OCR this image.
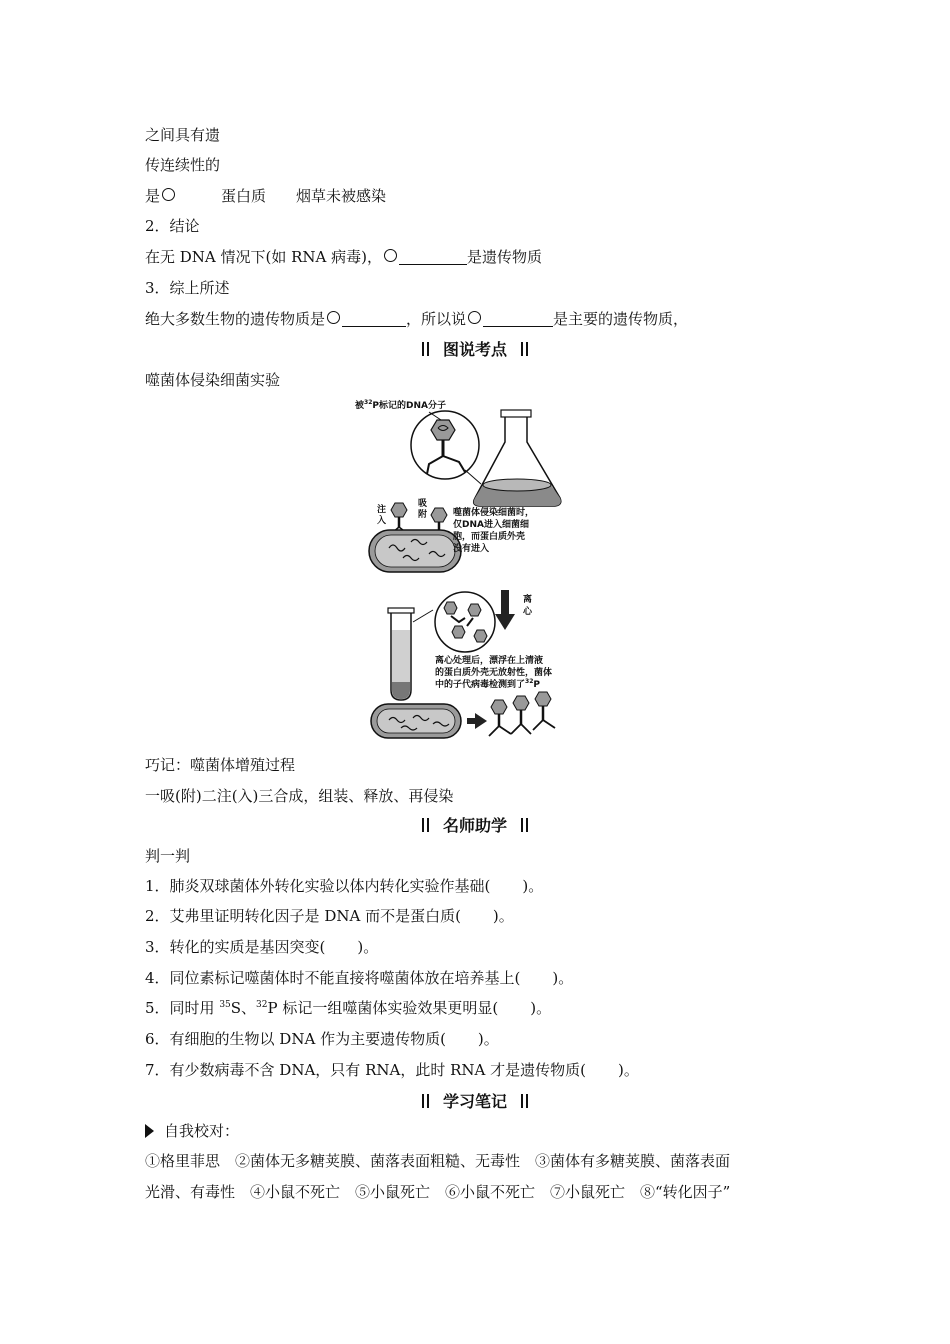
之间具有遗
传连续性的
是	蛋白质 烟草未被感染
2．结论
在无 DNA 情况下(如 RNA 病毒)，	是遗传物质
3．综上所述
绝大多数生物的遗传物质是	，所以说	是主要的遗传物质，
图说考点
噬菌体侵染细菌实验
被$^{32}$P标记的DNA分子
注
入
吸
附	噬菌体侵染细菌时，
仅DNA进入细菌细
胞，而蛋白质外壳
没有进入
离
心
离心处理后，漂浮在上清液
的蛋白质外壳无放射性，菌体
中的子代病毒检测到了$^{32}$P
巧记：噬菌体增殖过程
一吸(附)二注(入)三合成，组装、释放、再侵染
名师助学
判一判
1．肺炎双球菌体外转化实验以体内转化实验作基础( )。
2．艾弗里证明转化因子是 DNA 而不是蛋白质( )。
3．转化的实质是基因突变( )。
4．同位素标记噬菌体时不能直接将噬菌体放在培养基上( )。
5．同时用 $^{35}$S、$^{32}$P 标记一组噬菌体实验效果更明显( )。
6．有细胞的生物以 DNA 作为主要遗传物质( )。
7．有少数病毒不含 DNA，只有 RNA，此时 RNA 才是遗传物质( )。
学习笔记
自我校对：
①格里菲思　②菌体无多糖荚膜、菌落表面粗糙、无毒性　③菌体有多糖荚膜、菌落表面
光滑、有毒性　④小鼠不死亡　⑤小鼠死亡　⑥小鼠不死亡　⑦小鼠死亡　⑧“转化因子”
